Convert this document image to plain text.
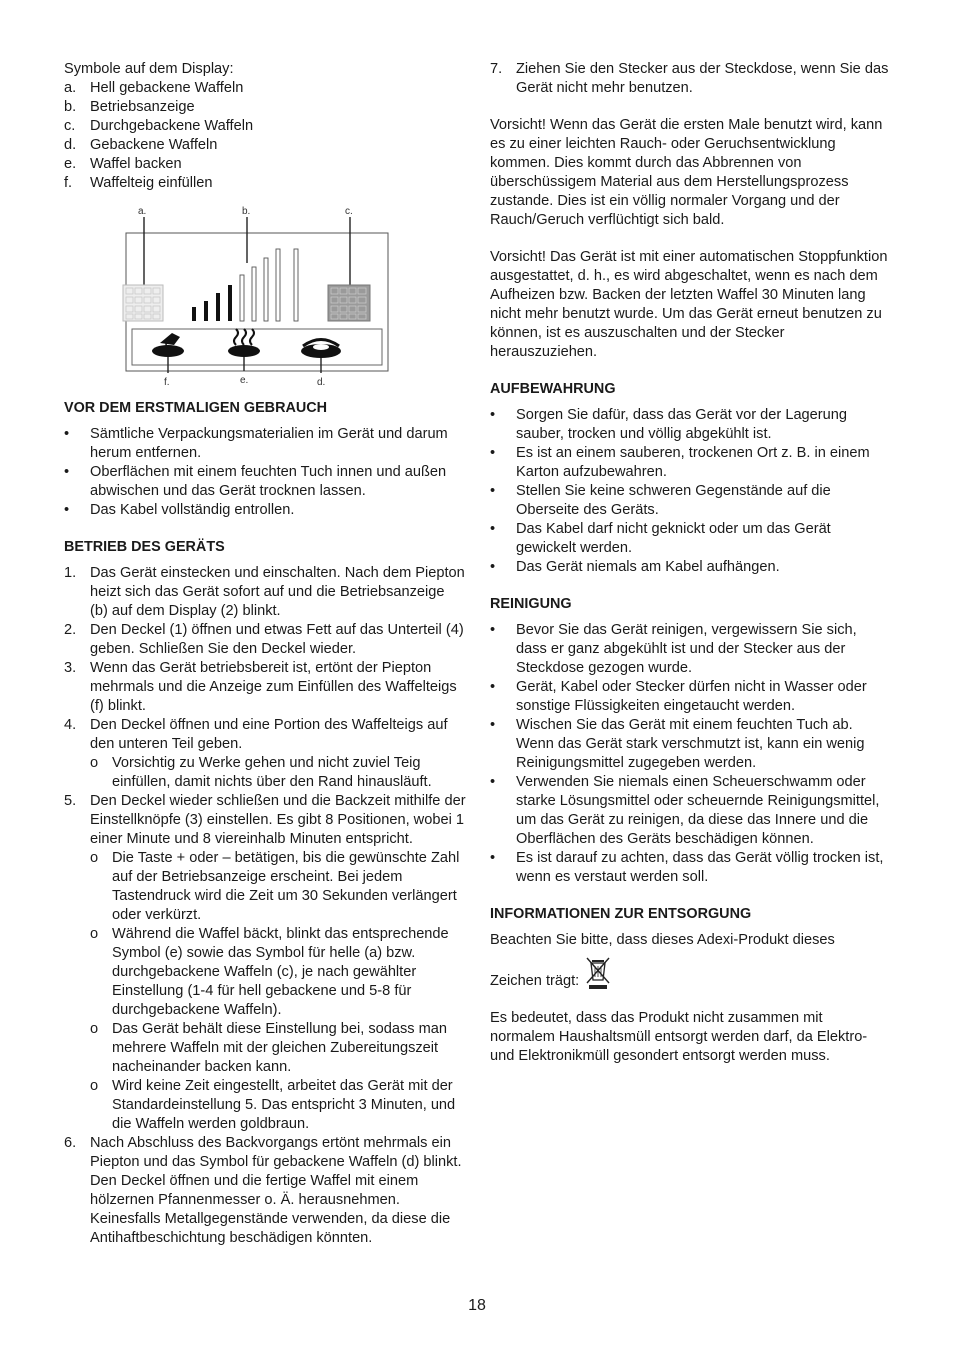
Symbole auf dem Display:

a. Hell gebackene Waffeln
b. Betriebsanzeige
c.	Durchgebackene Waffeln
d. Gebackene Waffeln
e. Waffel backen
f.	Waffelteig einfüllen
a.	b.	c.
f.	e.	d.

VOR DEM ERSTMALIGEN GEBRAUCH

•	Sämtliche Verpackungsmaterialien im Gerät und darum herum entfernen.
•	Oberflächen mit einem feuchten Tuch innen und außen abwischen und das Gerät trocknen lassen.
•	Das Kabel vollständig entrollen.

BETRIEB DES GERÄTS

1. Das Gerät einstecken und einschalten. Nach dem Piepton heizt sich das Gerät sofort auf und die Betriebsanzeige (b) auf dem Display (2) blinkt.
2. Den Deckel (1) öffnen und etwas Fett auf das Unterteil (4) geben. Schließen Sie den Deckel wieder.
3. Wenn das Gerät betriebsbereit ist, ertönt der Piepton mehrmals und die Anzeige zum Einfüllen des Waffelteigs (f) blinkt.
4. Den Deckel öffnen und eine Portion des Waffelteigs auf den unteren Teil geben.
o Vorsichtig zu Werke gehen und nicht zuviel Teig einfüllen, damit nichts über den Rand hinausläuft.
5. Den Deckel wieder schließen und die Backzeit mithilfe der Einstellknöpfe (3) einstellen. Es gibt 8 Positionen, wobei 1 einer Minute und 8 viereinhalb Minuten entspricht.
o Die Taste + oder – betätigen, bis die gewünschte Zahl auf der Betriebsanzeige erscheint. Bei jedem Tastendruck wird die Zeit um 30 Sekunden verlängert oder verkürzt.
o Während die Waffel bäckt, blinkt das entsprechende Symbol (e) sowie das Symbol für helle (a) bzw. durchgebackene Waffeln (c), je nach gewählter Einstellung (1-4 für hell gebackene und 5-8 für durchgebackene Waffeln).
o Das Gerät behält diese Einstellung bei, sodass man mehrere Waffeln mit der gleichen Zubereitungszeit nacheinander backen kann.
o Wird keine Zeit eingestellt, arbeitet das Gerät mit der Standardeinstellung 5. Das entspricht 3 Minuten, und die Waffeln werden goldbraun.
6. Nach Abschluss des Backvorgangs ertönt mehrmals ein Piepton und das Symbol für gebackene Waffeln (d) blinkt. Den Deckel öffnen und die fertige Waffel mit einem hölzernen Pfannenmesser o. Ä. herausnehmen. Keinesfalls Metallgegenstände verwenden, da diese die Antihaftbeschichtung beschädigen könnten.
7. Ziehen Sie den Stecker aus der Steckdose, wenn Sie das Gerät nicht mehr benutzen.

Vorsicht! Wenn das Gerät die ersten Male benutzt wird, kann es zu einer leichten Rauch- oder Geruchsentwicklung kommen. Dies kommt durch das Abbrennen von überschüssigem Material aus dem Herstellungsprozess zustande. Dies ist ein völlig normaler Vorgang und der Rauch/Geruch verflüchtigt sich bald.

Vorsicht! Das Gerät ist mit einer automatischen Stoppfunktion ausgestattet, d. h., es wird abgeschaltet, wenn es nach dem Aufheizen bzw. Backen der letzten Waffel 30 Minuten lang nicht mehr benutzt wurde. Um das Gerät erneut benutzen zu können, ist es auszuschalten und der Stecker herauszuziehen.

AUFBEWAHRUNG

•	Sorgen Sie dafür, dass das Gerät vor der Lagerung sauber, trocken und völlig abgekühlt ist.
•	Es ist an einem sauberen, trockenen Ort z. B. in einem Karton aufzubewahren.
•	Stellen Sie keine schweren Gegenstände auf die Oberseite des Geräts.
•	Das Kabel darf nicht geknickt oder um das Gerät gewickelt werden.
•	Das Gerät niemals am Kabel aufhängen.

REINIGUNG

•	Bevor Sie das Gerät reinigen, vergewissern Sie sich, dass er ganz abgekühlt ist und der Stecker aus der Steckdose gezogen wurde.
•	Gerät, Kabel oder Stecker dürfen nicht in Wasser oder sonstige Flüssigkeiten eingetaucht werden.
•	Wischen Sie das Gerät mit einem feuchten Tuch ab. Wenn das Gerät stark verschmutzt ist, kann ein wenig Reinigungsmittel zugegeben werden.
•	Verwenden Sie niemals einen Scheuerschwamm oder starke Lösungsmittel oder scheuernde Reinigungsmittel, um das Gerät zu reinigen, da diese das Innere und die Oberflächen des Geräts beschädigen können.
•	Es ist darauf zu achten, dass das Gerät völlig trocken ist, wenn es verstaut werden soll.

INFORMATIONEN ZUR ENTSORGUNG

Beachten Sie bitte, dass dieses Adexi-Produkt dieses

Zeichen trägt:

Es bedeutet, dass das Produkt nicht zusammen mit normalem Haushaltsmüll entsorgt werden darf, da Elektro- und Elektronikmüll gesondert entsorgt werden muss.

18
